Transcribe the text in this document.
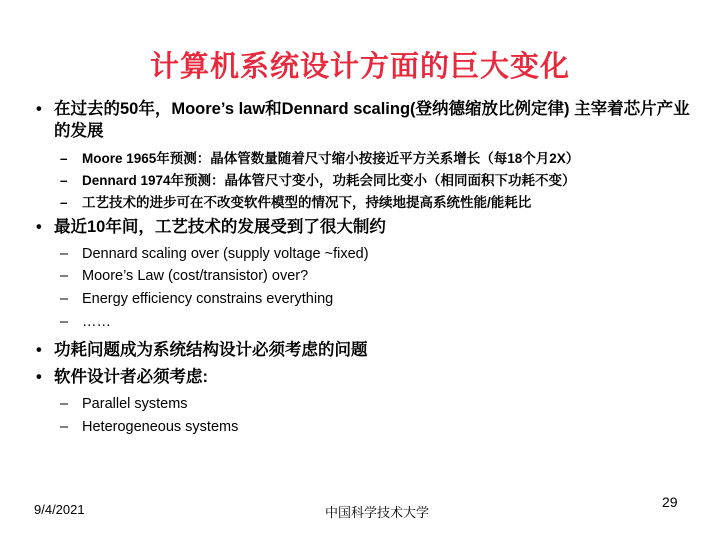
计算机系统设计方面的巨大变化
• 在过去的50年，Moore’s law和Dennard scaling(登纳德缩放比例定律) 主宰着芯片产业的发展
–	Moore 1965年预测：晶体管数量随着尺寸缩小按接近平方关系增长（每18个月2X）
–	Dennard 1974年预测：晶体管尺寸变小，功耗会同比变小（相同面积下功耗不变）
–	工艺技术的进步可在不改变软件模型的情况下，持续地提高系统性能/能耗比
• 最近10年间，工艺技术的发展受到了很大制约
– Dennard scaling over (supply voltage ~fixed)
– Moore’s Law (cost/transistor) over?
– Energy efficiency constrains everything
– ……
• 功耗问题成为系统结构设计必须考虑的问题
• 软件设计者必须考虑:
– Parallel systems
– Heterogeneous systems
9/4/2021	中国科学技术大学
29
